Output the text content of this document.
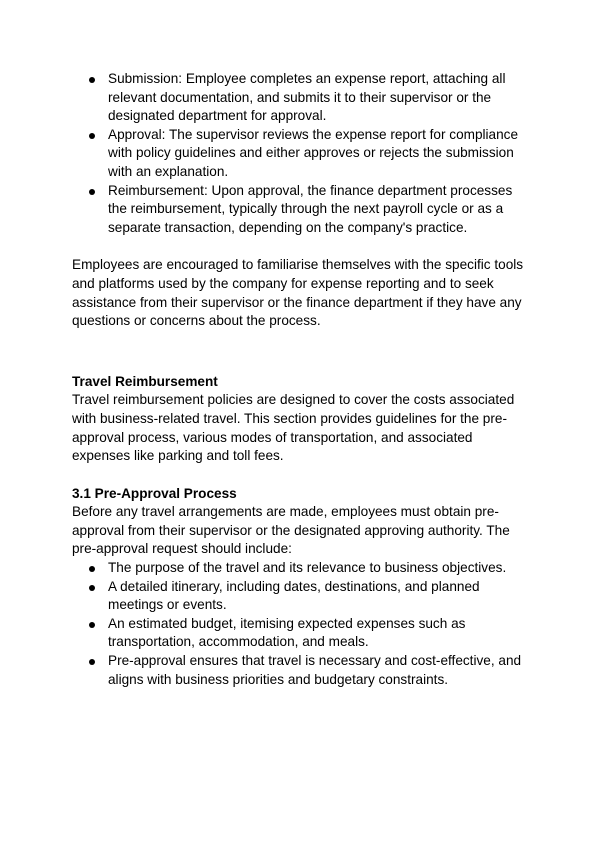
Submission: Employee completes an expense report, attaching all relevant documentation, and submits it to their supervisor or the designated department for approval.
Approval: The supervisor reviews the expense report for compliance with policy guidelines and either approves or rejects the submission with an explanation.
Reimbursement: Upon approval, the finance department processes the reimbursement, typically through the next payroll cycle or as a separate transaction, depending on the company's practice.

Employees are encouraged to familiarise themselves with the specific tools and platforms used by the company for expense reporting and to seek assistance from their supervisor or the finance department if they have any questions or concerns about the process.

Travel Reimbursement

Travel reimbursement policies are designed to cover the costs associated with business-related travel. This section provides guidelines for the pre-approval process, various modes of transportation, and associated expenses like parking and toll fees.

3.1 Pre-Approval Process

Before any travel arrangements are made, employees must obtain pre-approval from their supervisor or the designated approving authority. The pre-approval request should include:

The purpose of the travel and its relevance to business objectives.
A detailed itinerary, including dates, destinations, and planned meetings or events.
An estimated budget, itemising expected expenses such as transportation, accommodation, and meals.
Pre-approval ensures that travel is necessary and cost-effective, and aligns with business priorities and budgetary constraints.
